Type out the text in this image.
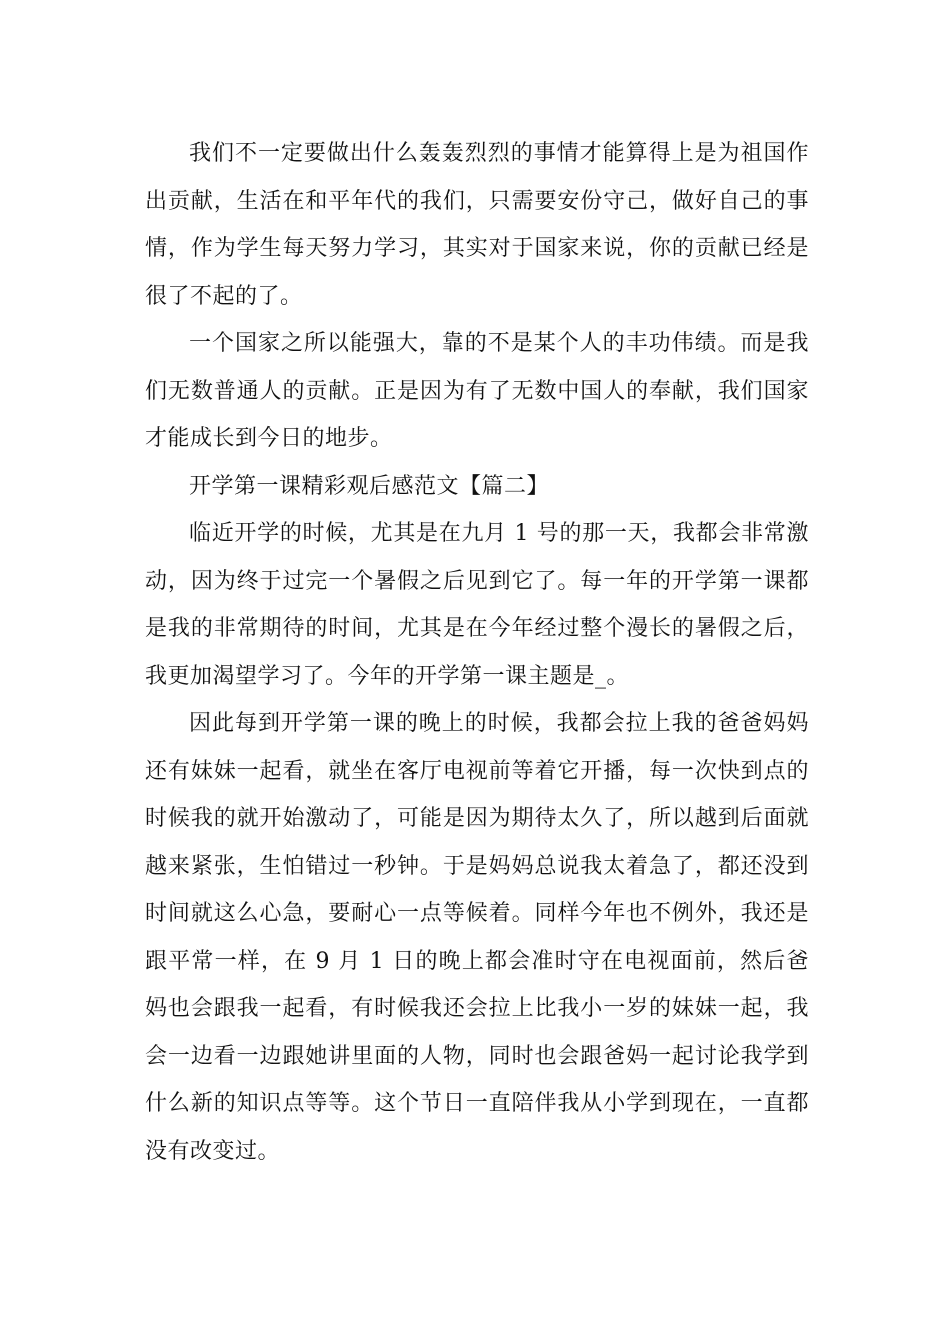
我们不一定要做出什么轰轰烈烈的事情才能算得上是为祖国作出贡献，生活在和平年代的我们，只需要安份守己，做好自己的事情，作为学生每天努力学习，其实对于国家来说，你的贡献已经是很了不起的了。

一个国家之所以能强大，靠的不是某个人的丰功伟绩。而是我们无数普通人的贡献。正是因为有了无数中国人的奉献，我们国家才能成长到今日的地步。

开学第一课精彩观后感范文【篇二】

临近开学的时候，尤其是在九月 1 号的那一天，我都会非常激动，因为终于过完一个暑假之后见到它了。每一年的开学第一课都是我的非常期待的时间，尤其是在今年经过整个漫长的暑假之后，我更加渴望学习了。今年的开学第一课主题是_。

因此每到开学第一课的晚上的时候，我都会拉上我的爸爸妈妈还有妹妹一起看，就坐在客厅电视前等着它开播，每一次快到点的时候我的就开始激动了，可能是因为期待太久了，所以越到后面就越来紧张，生怕错过一秒钟。于是妈妈总说我太着急了，都还没到时间就这么心急，要耐心一点等候着。同样今年也不例外，我还是跟平常一样，在 9 月 1 日的晚上都会准时守在电视面前，然后爸妈也会跟我一起看，有时候我还会拉上比我小一岁的妹妹一起，我会一边看一边跟她讲里面的人物，同时也会跟爸妈一起讨论我学到什么新的知识点等等。这个节日一直陪伴我从小学到现在，一直都没有改变过。
